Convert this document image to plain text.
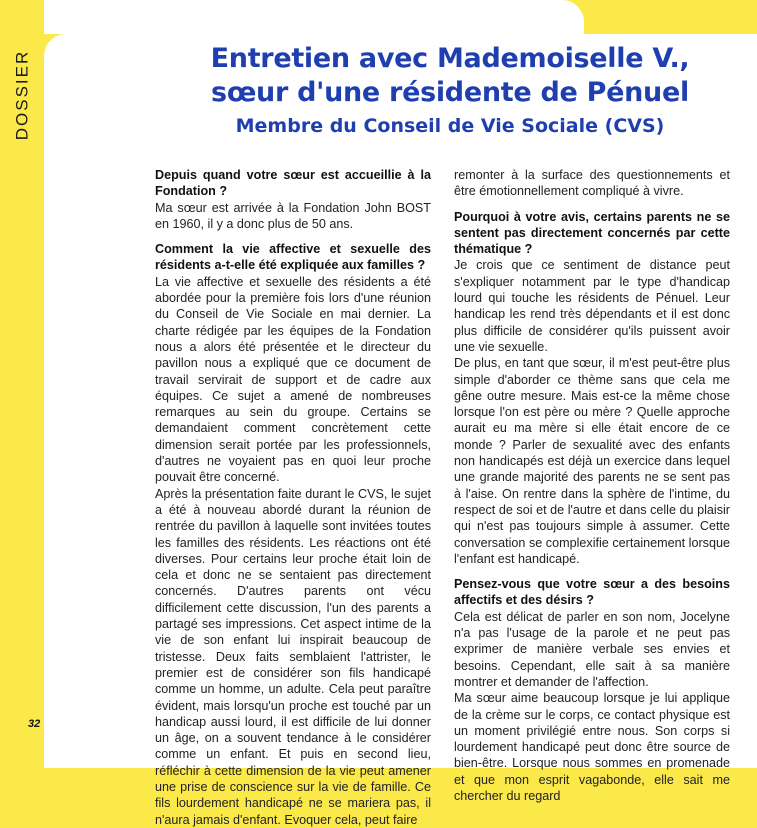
DOSSIER	Entretien avec Mademoiselle V.,
sœur d'une résidente de Pénuel
Membre du Conseil de Vie Sociale (CVS)

Depuis quand votre sœur est accueillie à la Fondation ?

Ma sœur est arrivée à la Fondation John BOST en 1960, il y a donc plus de 50 ans.

Comment la vie affective et sexuelle des résidents a-t-elle été expliquée aux familles ?

La vie affective et sexuelle des résidents a été abordée pour la première fois lors d'une réunion du Conseil de Vie Sociale en mai dernier. La charte rédigée par les équipes de la Fondation nous a alors été présentée et le directeur du pavillon nous a expliqué que ce document de travail servirait de support et de cadre aux équipes. Ce sujet a amené de nombreuses remarques au sein du groupe. Certains se demandaient comment concrètement cette dimension serait portée par les professionnels, d'autres ne voyaient pas en quoi leur proche pouvait être concerné.

Après la présentation faite durant le CVS, le sujet a été à nouveau abordé durant la réunion de rentrée du pavillon à laquelle sont invitées toutes les familles des résidents. Les réactions ont été diverses. Pour certains leur proche était loin de cela et donc ne se sentaient pas directement concernés. D'autres parents ont vécu difficilement cette discussion, l'un des parents a partagé ses impressions. Cet aspect intime de la vie de son enfant lui inspirait beaucoup de tristesse. Deux faits semblaient l'attrister, le premier est de considérer son fils handicapé comme un homme, un adulte. Cela peut paraître évident, mais lorsqu'un proche est touché par un handicap aussi lourd, il est difficile de lui donner un âge, on a souvent tendance à le considérer comme un enfant. Et puis en second lieu, réfléchir à cette dimension de la vie peut amener une prise de conscience sur la vie de famille. Ce fils lourdement handicapé ne se mariera pas, il n'aura jamais d'enfant. Evoquer cela, peut faire

remonter à la surface des questionnements et être émotionnellement compliqué à vivre.

Pourquoi à votre avis, certains parents ne se sentent pas directement concernés par cette thématique ?

Je crois que ce sentiment de distance peut s'expliquer notamment par le type d'handicap lourd qui touche les résidents de Pénuel. Leur handicap les rend très dépendants et il est donc plus difficile de considérer qu'ils puissent avoir une vie sexuelle.

De plus, en tant que sœur, il m'est peut-être plus simple d'aborder ce thème sans que cela me gêne outre mesure. Mais est-ce la même chose lorsque l'on est père ou mère ? Quelle approche aurait eu ma mère si elle était encore de ce monde ? Parler de sexualité avec des enfants non handicapés est déjà un exercice dans lequel une grande majorité des parents ne se sent pas à l'aise. On rentre dans la sphère de l'intime, du respect de soi et de l'autre et dans celle du plaisir qui n'est pas toujours simple à assumer. Cette conversation se complexifie certainement lorsque l'enfant est handicapé.

Pensez-vous que votre sœur a des besoins affectifs et des désirs ?

Cela est délicat de parler en son nom, Jocelyne n'a pas l'usage de la parole et ne peut pas exprimer de manière verbale ses envies et besoins. Cependant, elle sait à sa manière montrer et demander de l'affection.

Ma sœur aime beaucoup lorsque je lui applique de la crème sur le corps, ce contact physique est un moment privilégié entre nous. Son corps si lourdement handicapé peut donc être source de bien-être. Lorsque nous sommes en promenade et que mon esprit vagabonde, elle sait me chercher du regard

32
